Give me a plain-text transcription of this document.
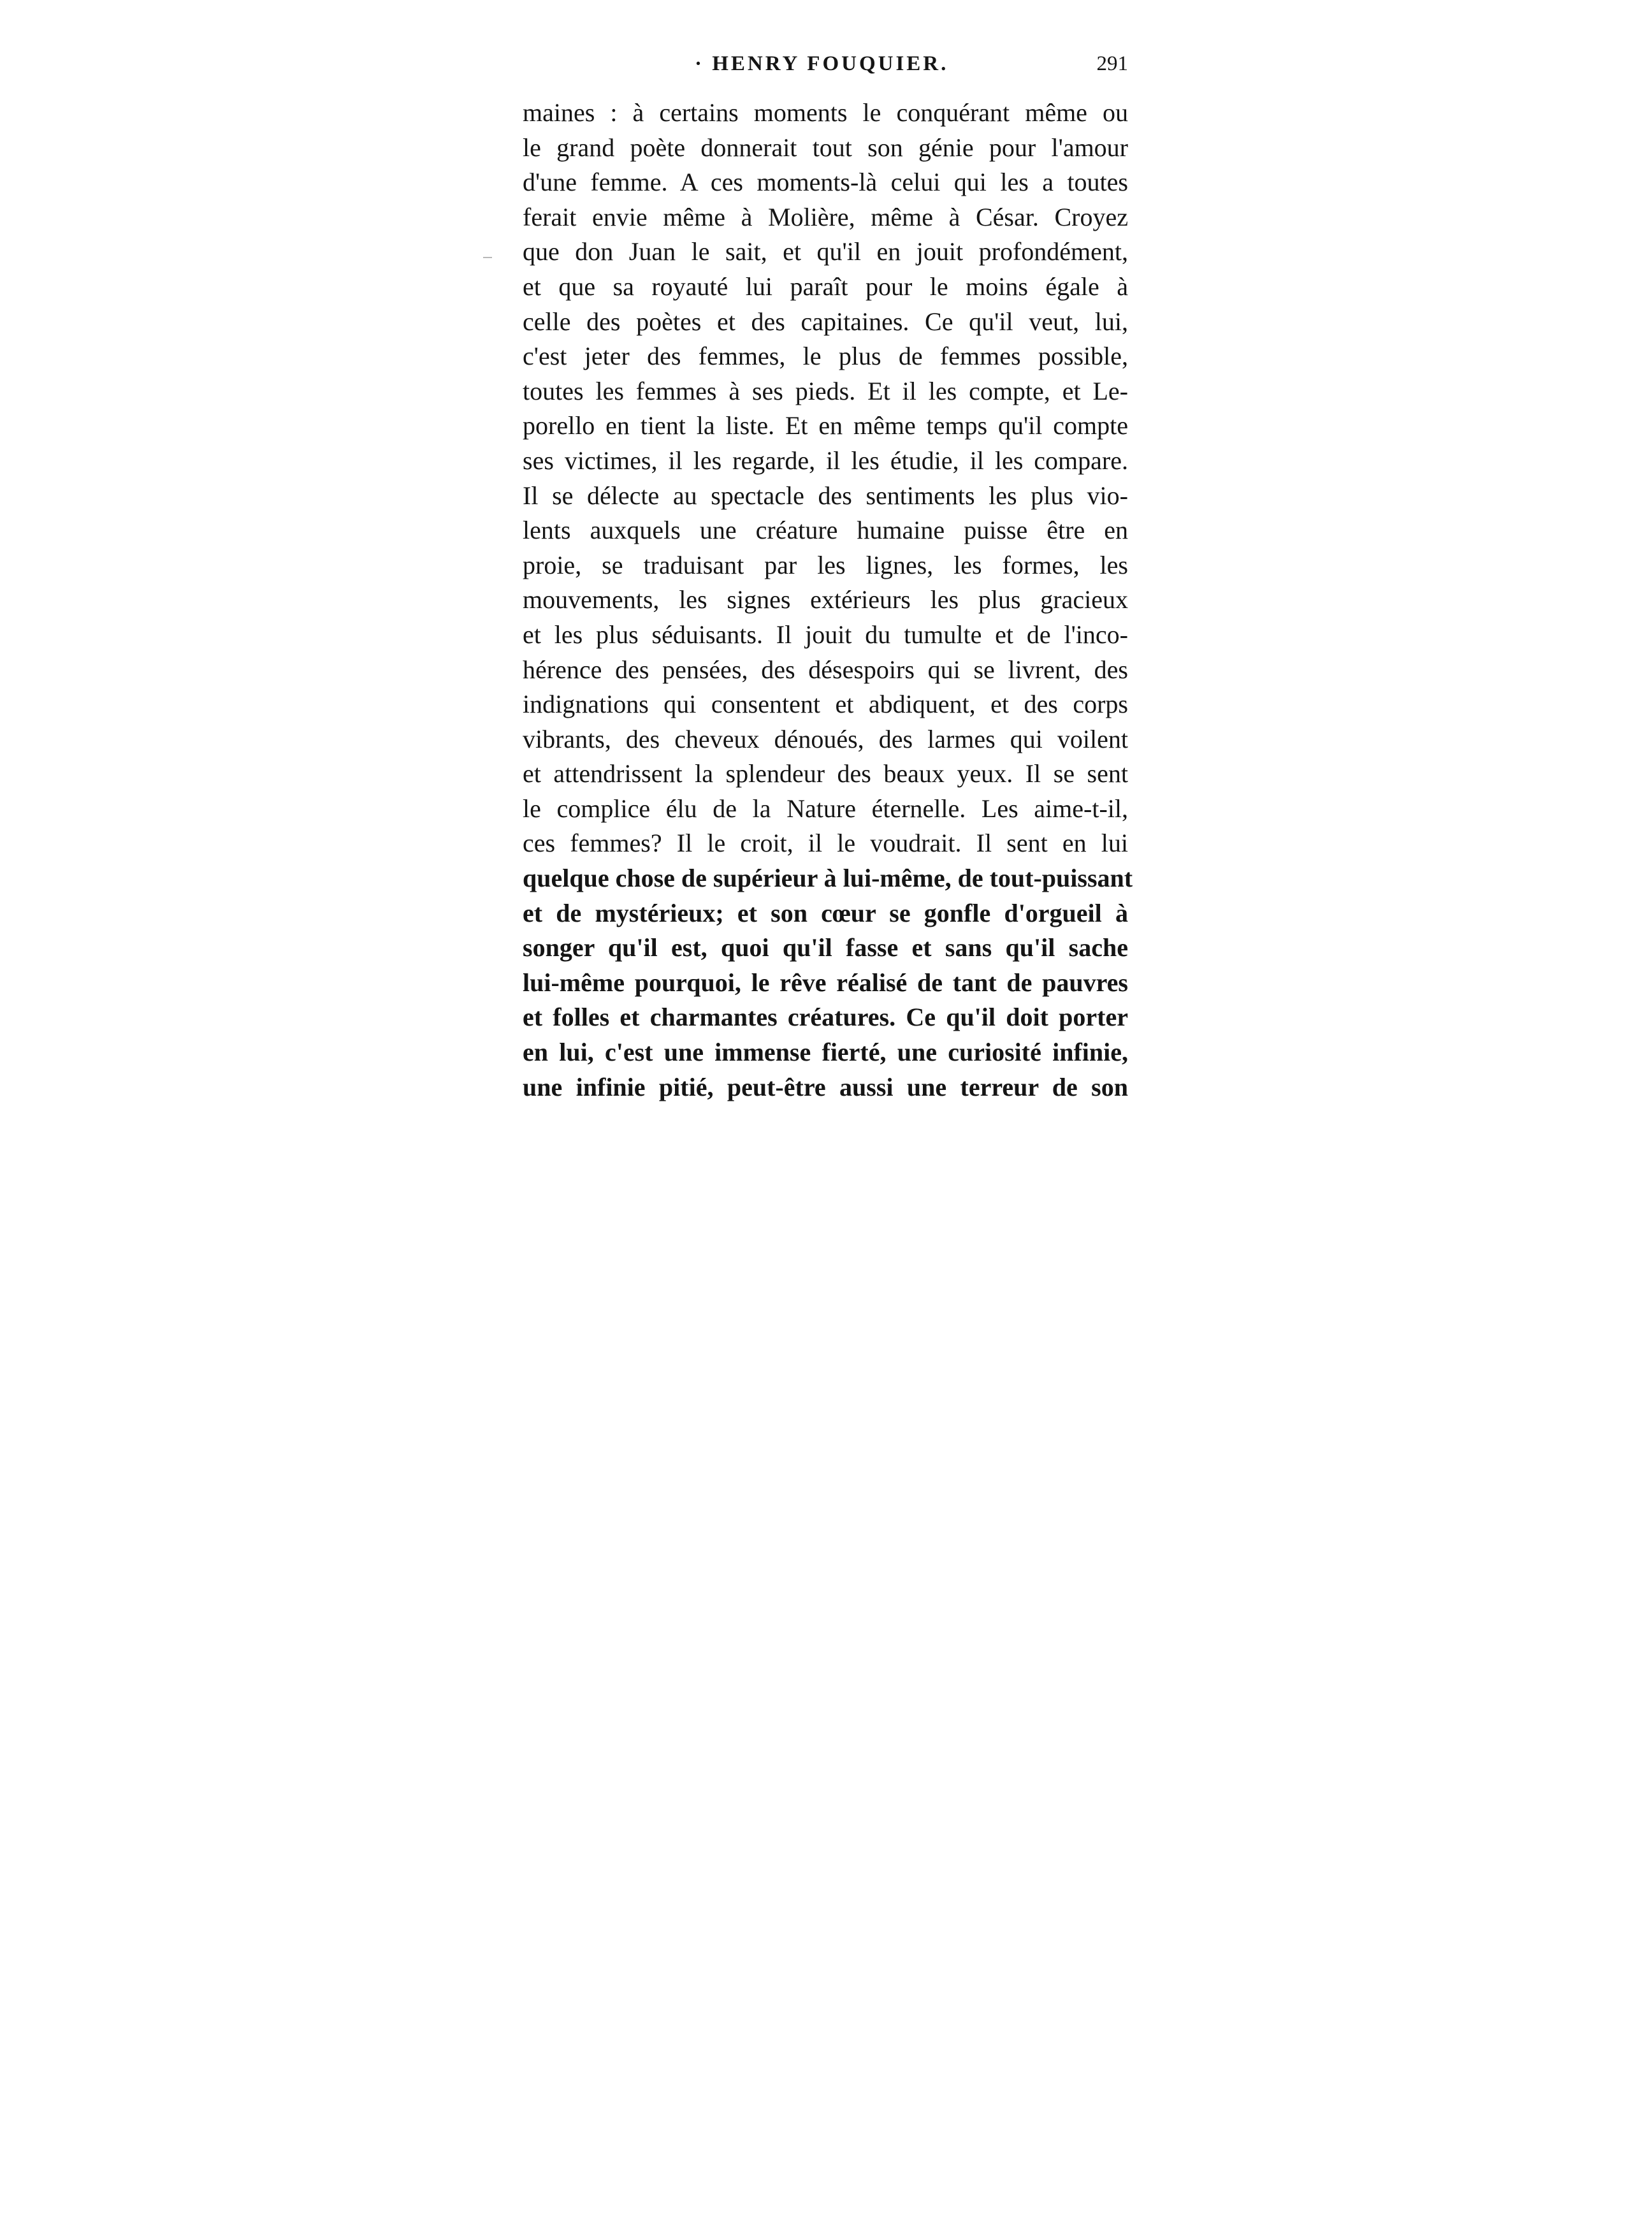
· HENRY FOUQUIER.	291
maines : à certains moments le conquérant même ou
le grand poète donnerait tout son génie pour l'amour
d'une femme. A ces moments-là celui qui les a toutes
ferait envie même à Molière, même à César. Croyez
que don Juan le sait, et qu'il en jouit profondément,
et que sa royauté lui paraît pour le moins égale à
celle des poètes et des capitaines. Ce qu'il veut, lui,
c'est jeter des femmes, le plus de femmes possible,
toutes les femmes à ses pieds. Et il les compte, et Le-
porello en tient la liste. Et en même temps qu'il compte
ses victimes, il les regarde, il les étudie, il les compare.
Il se délecte au spectacle des sentiments les plus vio-
lents auxquels une créature humaine puisse être en
proie, se traduisant par les lignes, les formes, les
mouvements, les signes extérieurs les plus gracieux
et les plus séduisants. Il jouit du tumulte et de l'inco-
hérence des pensées, des désespoirs qui se livrent, des
indignations qui consentent et abdiquent, et des corps
vibrants, des cheveux dénoués, des larmes qui voilent
et attendrissent la splendeur des beaux yeux. Il se sent
le complice élu de la Nature éternelle. Les aime-t-il,
ces femmes? Il le croit, il le voudrait. Il sent en lui
quelque chose de supérieur à lui-même, de tout-puissant
et de mystérieux; et son cœur se gonfle d'orgueil à
songer qu'il est, quoi qu'il fasse et sans qu'il sache
lui-même pourquoi, le rêve réalisé de tant de pauvres
et folles et charmantes créatures. Ce qu'il doit porter
en lui, c'est une immense fierté, une curiosité infinie,
une infinie pitié, peut-être aussi une terreur de son
